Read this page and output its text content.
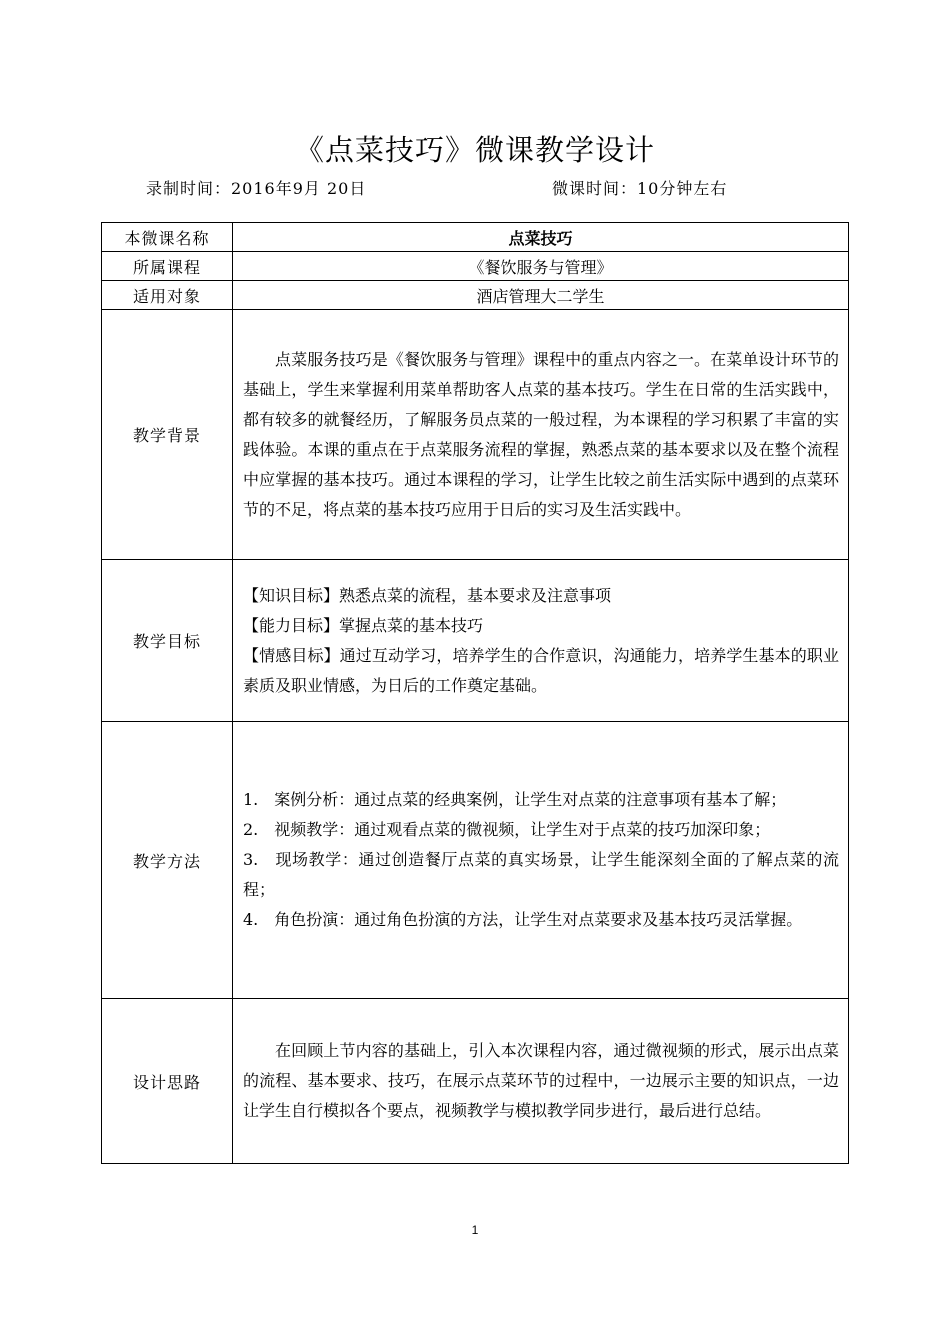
《点菜技巧》微课教学设计
录制时间：2016年9月 20日	微课时间：10分钟左右
本微课名称	点菜技巧
所属课程	《餐饮服务与管理》
适用对象	酒店管理大二学生
教学背景	点菜服务技巧是《餐饮服务与管理》课程中的重点内容之一。在菜单设计环节的基础上，学生来掌握利用菜单帮助客人点菜的基本技巧。学生在日常的生活实践中，都有较多的就餐经历，了解服务员点菜的一般过程，为本课程的学习积累了丰富的实践体验。本课的重点在于点菜服务流程的掌握，熟悉点菜的基本要求以及在整个流程中应掌握的基本技巧。通过本课程的学习，让学生比较之前生活实际中遇到的点菜环节的不足，将点菜的基本技巧应用于日后的实习及生活实践中。

教学目标	【知识目标】熟悉点菜的流程，基本要求及注意事项

【能力目标】掌握点菜的基本技巧

【情感目标】通过互动学习，培养学生的合作意识，沟通能力，培养学生基本的职业素质及职业情感，为日后的工作奠定基础。

教学方法	1.　案例分析：通过点菜的经典案例，让学生对点菜的注意事项有基本了解；

2.　视频教学：通过观看点菜的微视频，让学生对于点菜的技巧加深印象；

3.　现场教学：通过创造餐厅点菜的真实场景，让学生能深刻全面的了解点菜的流程；

4.　角色扮演：通过角色扮演的方法，让学生对点菜要求及基本技巧灵活掌握。

设计思路	在回顾上节内容的基础上，引入本次课程内容，通过微视频的形式，展示出点菜的流程、基本要求、技巧，在展示点菜环节的过程中，一边展示主要的知识点，一边让学生自行模拟各个要点，视频教学与模拟教学同步进行，最后进行总结。

1
